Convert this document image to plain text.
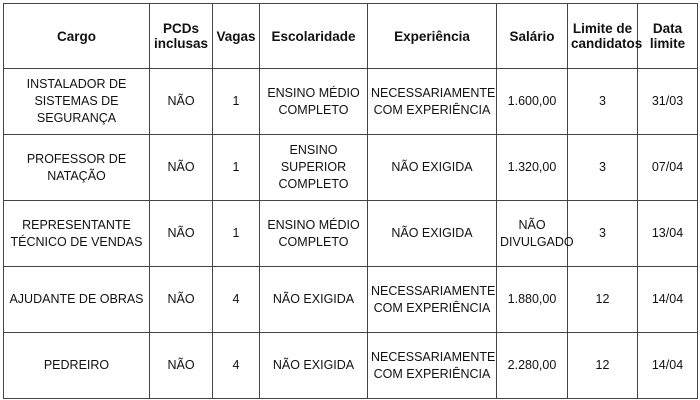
Cargo	PCDs inclusas	Vagas	Escolaridade	Experiência	Salário	Limite de candidatos	Data limite
INSTALADOR DE SISTEMAS DE SEGURANÇA	NÃO	1	ENSINO MÉDIO COMPLETO	NECESSARIAMENTE COM EXPERIÊNCIA	1.600,00	3	31/03
PROFESSOR DE NATAÇÃO	NÃO	1	ENSINO SUPERIOR COMPLETO	NÃO EXIGIDA	1.320,00	3	07/04
REPRESENTANTE TÉCNICO DE VENDAS	NÃO	1	ENSINO MÉDIO COMPLETO	NÃO EXIGIDA	NÃO DIVULGADO	3	13/04
AJUDANTE DE OBRAS	NÃO	4	NÃO EXIGIDA	NECESSARIAMENTE COM EXPERIÊNCIA	1.880,00	12	14/04
PEDREIRO	NÃO	4	NÃO EXIGIDA	NECESSARIAMENTE COM EXPERIÊNCIA	2.280,00	12	14/04
